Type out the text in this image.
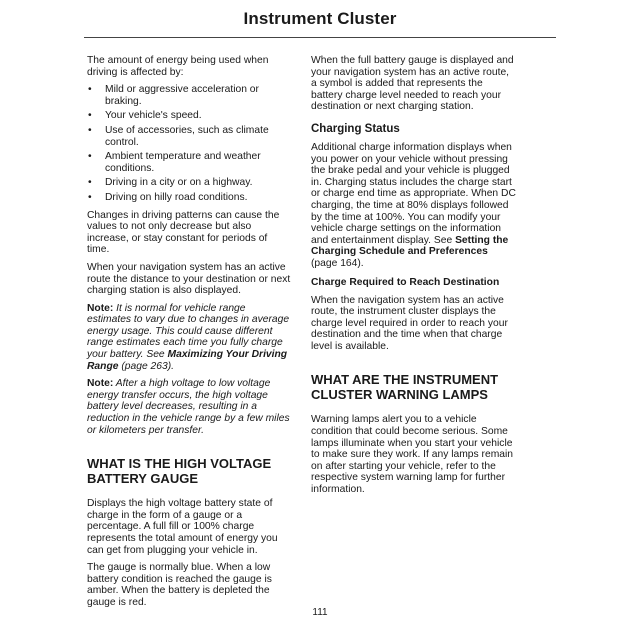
Instrument Cluster

The amount of energy being used when driving is affected by:

• Mild or aggressive acceleration or braking.
• Your vehicle's speed.
• Use of accessories, such as climate control.
• Ambient temperature and weather conditions.
• Driving in a city or on a highway.
• Driving on hilly road conditions.

Changes in driving patterns can cause the values to not only decrease but also increase, or stay constant for periods of time.

When your navigation system has an active route the distance to your destination or next charging station is also displayed.

Note: It is normal for vehicle range estimates to vary due to changes in average energy usage. This could cause different range estimates each time you fully charge your battery. See Maximizing Your Driving Range (page 263).

Note: After a high voltage to low voltage energy transfer occurs, the high voltage battery level decreases, resulting in a reduction in the vehicle range by a few miles or kilometers per transfer.

WHAT IS THE HIGH VOLTAGE BATTERY GAUGE

Displays the high voltage battery state of charge in the form of a gauge or a percentage. A full fill or 100% charge represents the total amount of energy you can get from plugging your vehicle in.

The gauge is normally blue. When a low battery condition is reached the gauge is amber. When the battery is depleted the gauge is red.

When the full battery gauge is displayed and your navigation system has an active route, a symbol is added that represents the battery charge level needed to reach your destination or next charging station.

Charging Status

Additional charge information displays when you power on your vehicle without pressing the brake pedal and your vehicle is plugged in. Charging status includes the charge start or charge end time as appropriate. When DC charging, the time at 80% displays followed by the time at 100%. You can modify your vehicle charge settings on the information and entertainment display. See Setting the Charging Schedule and Preferences (page 164).

Charge Required to Reach Destination

When the navigation system has an active route, the instrument cluster displays the charge level required in order to reach your destination and the time when that charge level is available.

WHAT ARE THE INSTRUMENT CLUSTER WARNING LAMPS

Warning lamps alert you to a vehicle condition that could become serious. Some lamps illuminate when you start your vehicle to make sure they work. If any lamps remain on after starting your vehicle, refer to the respective system warning lamp for further information.

111
